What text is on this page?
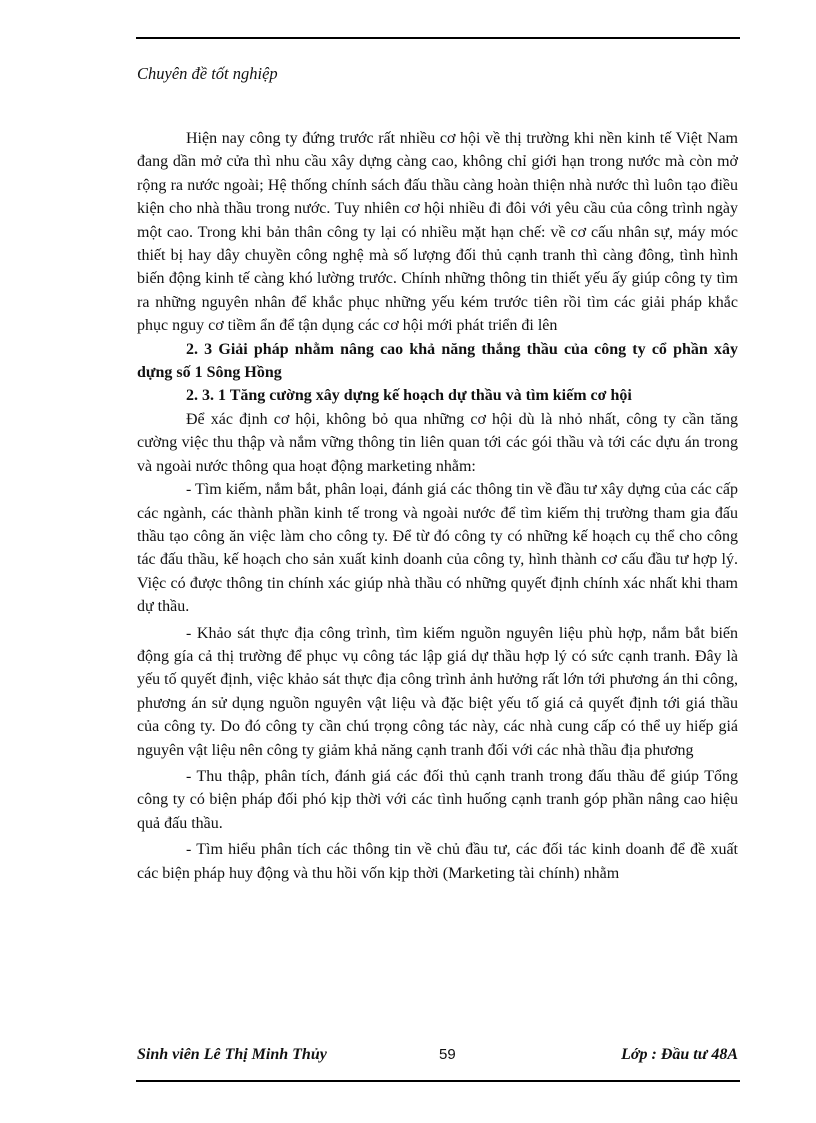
Chuyên đề tốt nghiệp

Hiện nay công ty đứng trước rất nhiều cơ hội về thị trường khi nền kinh tế Việt Nam đang dần mở cửa thì nhu cầu xây dựng càng cao, không chỉ giới hạn trong nước mà còn mở rộng ra nước ngoài; Hệ thống chính sách đấu thầu càng hoàn thiện nhà nước thì luôn tạo điều kiện cho nhà thầu trong nước. Tuy nhiên cơ hội nhiều đi đôi với yêu cầu của công trình ngày một cao. Trong khi bản thân công ty lại có nhiều mặt hạn chế: về cơ cấu nhân sự, máy móc thiết bị hay dây chuyền công nghệ mà số lượng đối thủ cạnh tranh thì càng đông, tình hình biến động kinh tế càng khó lường trước. Chính những thông tin thiết yếu ấy giúp công ty tìm ra những nguyên nhân để khắc phục những yếu kém trước tiên rồi tìm các giải pháp khắc phục nguy cơ tiềm ẩn để tận dụng các cơ hội mới phát triển đi lên

2. 3 Giải pháp nhằm nâng cao khả năng thắng thầu của công ty cổ phần xây dựng số 1 Sông Hồng

2. 3. 1 Tăng cường xây dựng kế hoạch dự thầu và tìm kiếm cơ hội

Để xác định cơ hội, không bỏ qua những cơ hội dù là nhỏ nhất, công ty cần tăng cường việc thu thập và nắm vững thông tin liên quan tới các gói thầu và tới các dựu án trong và ngoài nước thông qua hoạt động marketing nhằm:

- Tìm kiếm, nắm bắt, phân loại, đánh giá các thông tin về đầu tư xây dựng của các cấp các ngành, các thành phần kinh tế trong và ngoài nước để tìm kiếm thị trường tham gia đấu thầu tạo công ăn việc làm cho công ty. Để từ đó công ty có những kế hoạch cụ thể cho công tác đấu thầu, kế hoạch cho sản xuất kinh doanh của công ty, hình thành cơ cấu đầu tư hợp lý. Việc có được thông tin chính xác giúp nhà thầu có những quyết định chính xác nhất khi tham dự thầu.

- Khảo sát thực địa công trình, tìm kiếm nguồn nguyên liệu phù hợp, nắm bắt biến động gía cả thị trường để phục vụ công tác lập giá dự thầu hợp lý có sức cạnh tranh. Đây là yếu tố quyết định, việc khảo sát thực địa công trình ảnh hưởng rất lớn tới phương án thi công, phương án sử dụng nguồn nguyên vật liệu và đặc biệt yếu tố giá cả quyết định tới giá thầu của công ty. Do đó công ty cần chú trọng công tác này, các nhà cung cấp có thể uy hiếp giá nguyên vật liệu nên công ty giảm khả năng cạnh tranh đối với các nhà thầu địa phương

- Thu thập, phân tích, đánh giá các đối thủ cạnh tranh trong đấu thầu để giúp Tổng công ty có biện pháp đối phó kịp thời với các tình huống cạnh tranh góp phần nâng cao hiệu quả đấu thầu.

- Tìm hiểu phân tích các thông tin về chủ đầu tư, các đối tác kinh doanh để đề xuất các biện pháp huy động và thu hồi vốn kịp thời (Marketing tài chính) nhằm

Sinh viên Lê Thị Minh Thủy	59	Lớp : Đầu tư 48A
